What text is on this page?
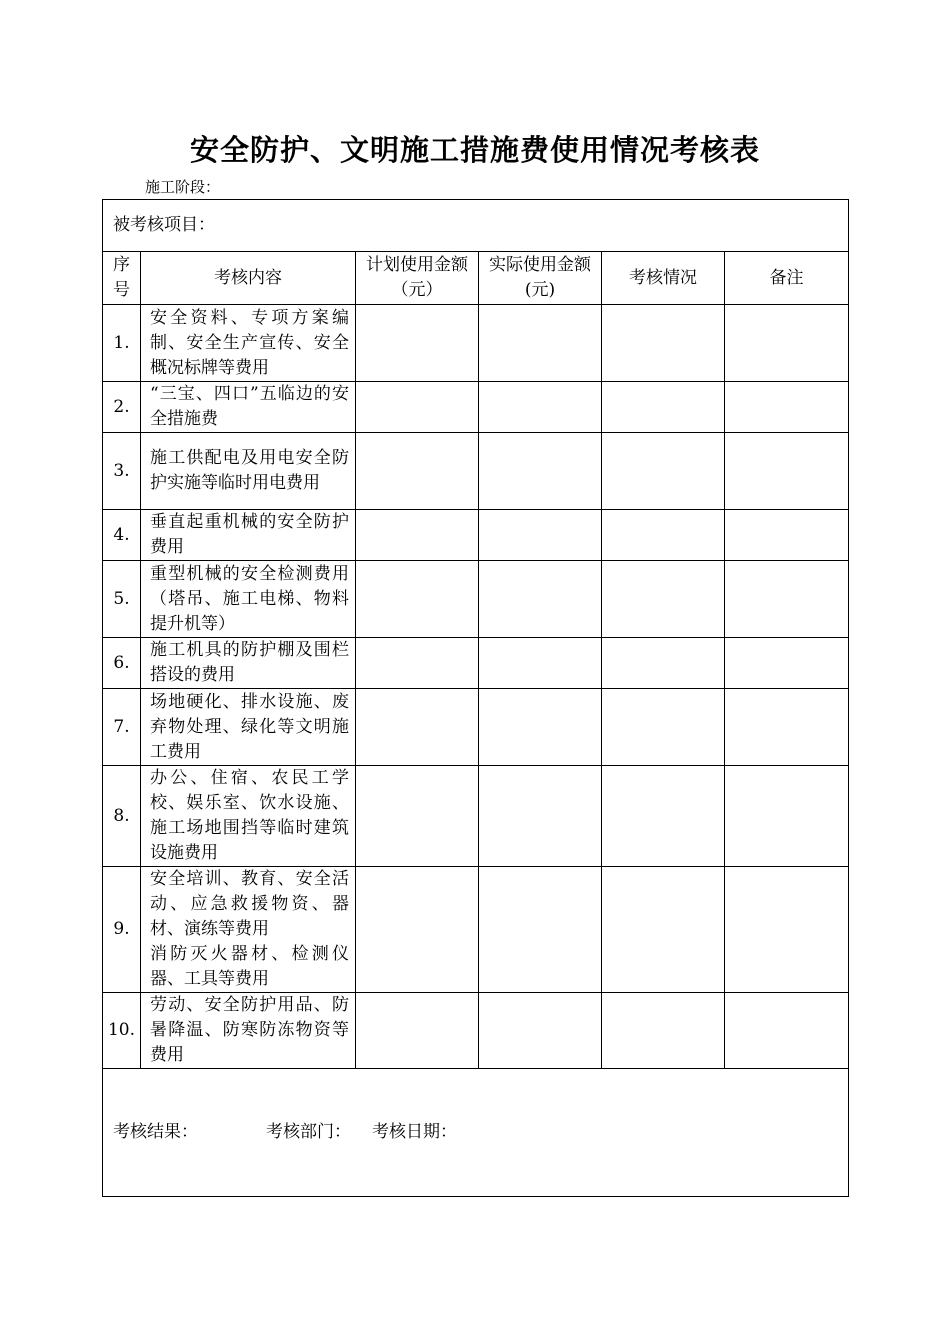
安全防护、文明施工措施费使用情况考核表
施工阶段：
被考核项目：					
序号	考核内容	计划使用金额（元）	实际使用金额(元)	考核情况	备注
1.	安全资料、专项方案编制、安全生产宣传、安全概况标牌等费用				

2.	“三宝、四口”五临边的安全措施费				

3.	施工供配电及用电安全防护实施等临时用电费用				

4.	垂直起重机械的安全防护费用				

5.	重型机械的安全检测费用（塔吊、施工电梯、物料提升机等）				

6.	施工机具的防护棚及围栏搭设的费用				

7.	场地硬化、排水设施、废弃物处理、绿化等文明施工费用				

8.	办公、住宿、农民工学校、娱乐室、饮水设施、施工场地围挡等临时建筑设施费用				

9.	安全培训、教育、安全活动、应急救援物资、器材、演练等费用
消防灭火器材、检测仪器、工具等费用				

10.	劳动、安全防护用品、防暑降温、防寒防冻物资等费用				

考核结果： 考核部门： 考核日期：					
